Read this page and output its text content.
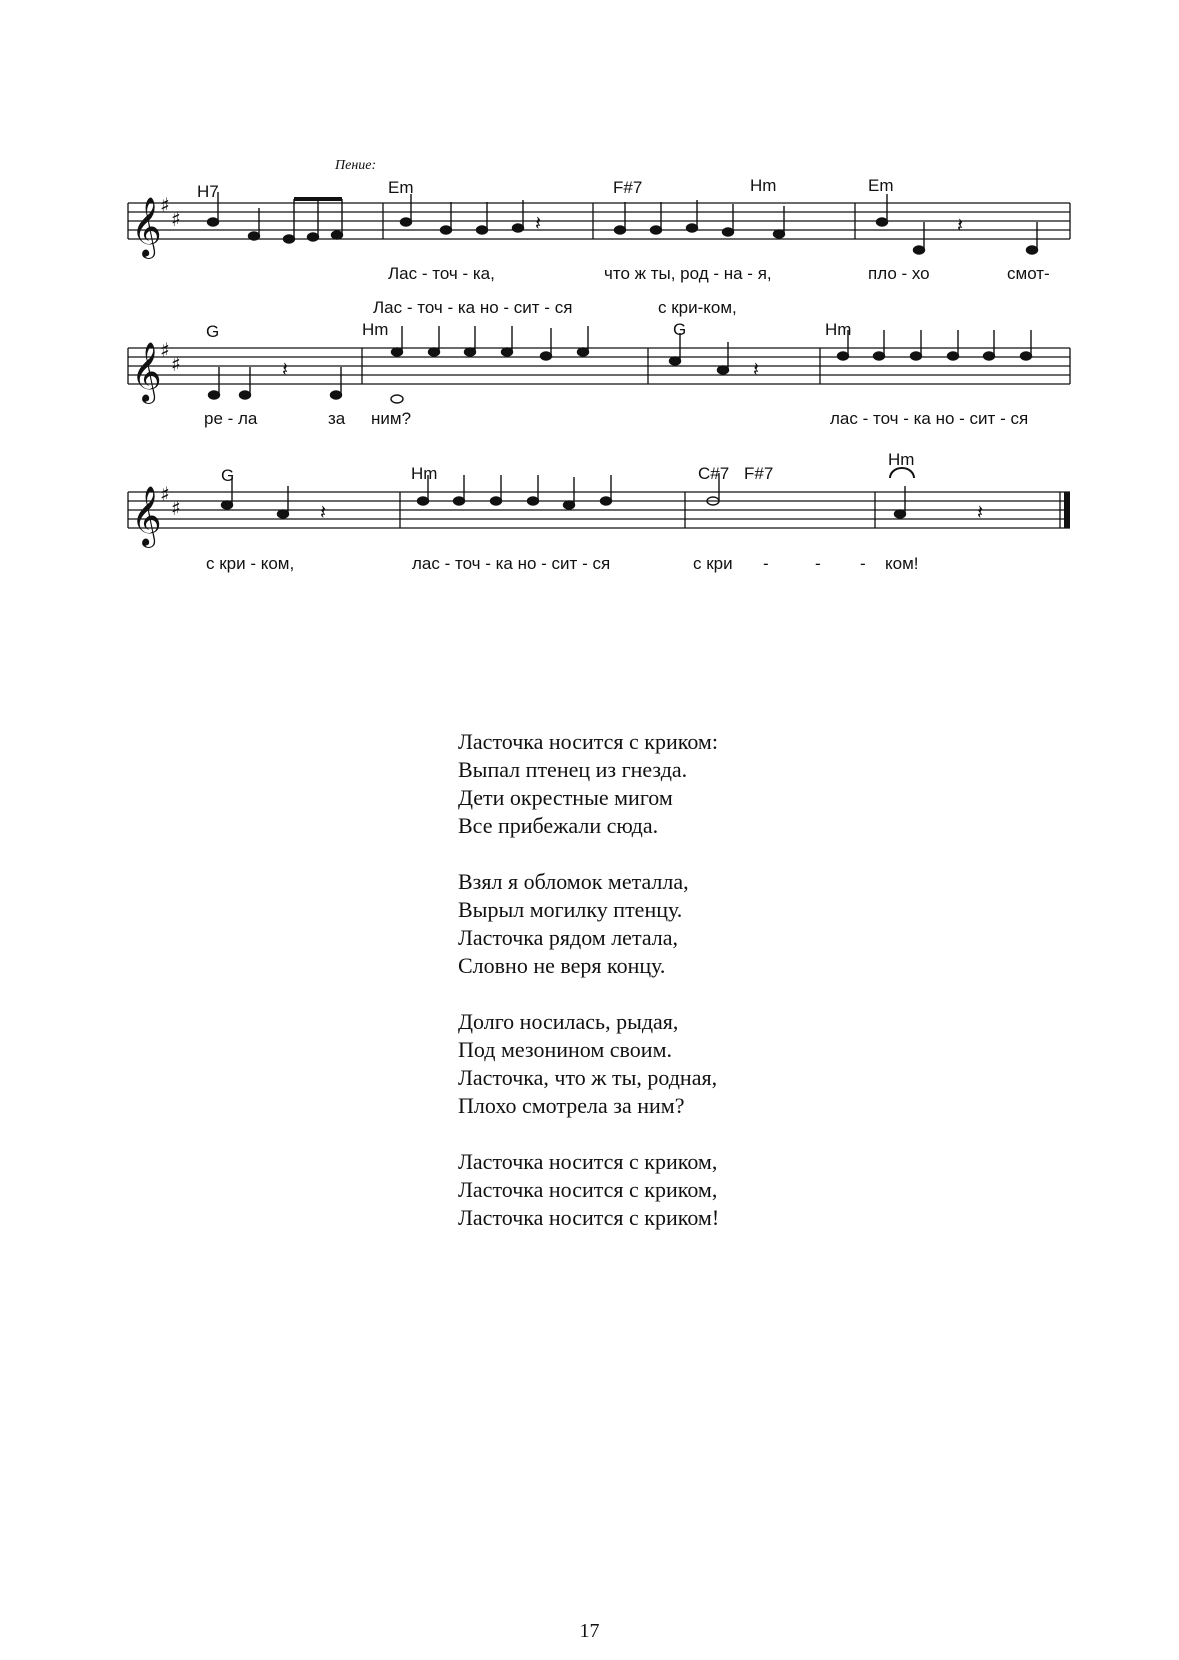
𝄞
𝄞
𝄞
♯
♯
♯
♯
♯
♯
𝄽	𝄽
𝄽	𝄽
𝄽	𝄽
Пение:
H7	Em	F#7	Hm	Em
Лас - точ - ка,	что ж ты, род - на - я,	пло - хо	смот-
Лас - точ - ка но - сит - ся	с кри-ком,
G	Hm	G	Hm
ре - ла	за ним?	лас - точ - ка но - сит - ся
G	Hm	C#7 F#7
Hm
с кри - ком,	лас - точ - ка но - сит - ся	с кри -	- - ком!
Ласточка носится с криком:
Выпал птенец из гнезда.
Дети окрестные мигом
Все прибежали сюда.
Взял я обломок металла,
Вырыл могилку птенцу.
Ласточка рядом летала,
Словно не веря концу.
Долго носилась, рыдая,
Под мезонином своим.
Ласточка, что ж ты, родная,
Плохо смотрела за ним?
Ласточка носится с криком,
Ласточка носится с криком,
Ласточка носится с криком!
17
